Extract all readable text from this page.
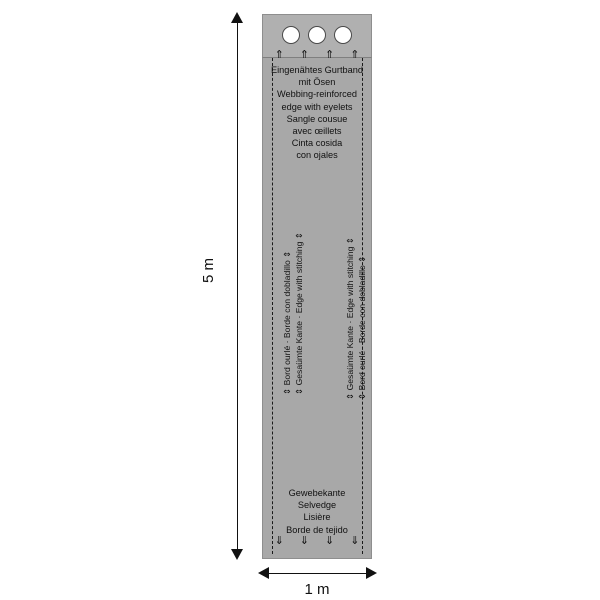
⇑ ⇑ ⇑ ⇑
Eingenähtes Gurtband
mit Ösen
Webbing-reinforced
edge with eyelets
Sangle cousue
avec œillets
Cinta cosida
con ojales
⇕ Bord ourlé · Borde con dobladillo ⇕ ⇕ Gesaümte Kante · Edge with stitching ⇕	⇕ Gesaümte Kante · Edge with stitching ⇕ ⇕ Bord ourlé · Borde con dobladillo ⇕
Gewebekante
Selvedge
Lisière
Borde de tejido
⇓ ⇓ ⇓ ⇓
5 m
1 m
